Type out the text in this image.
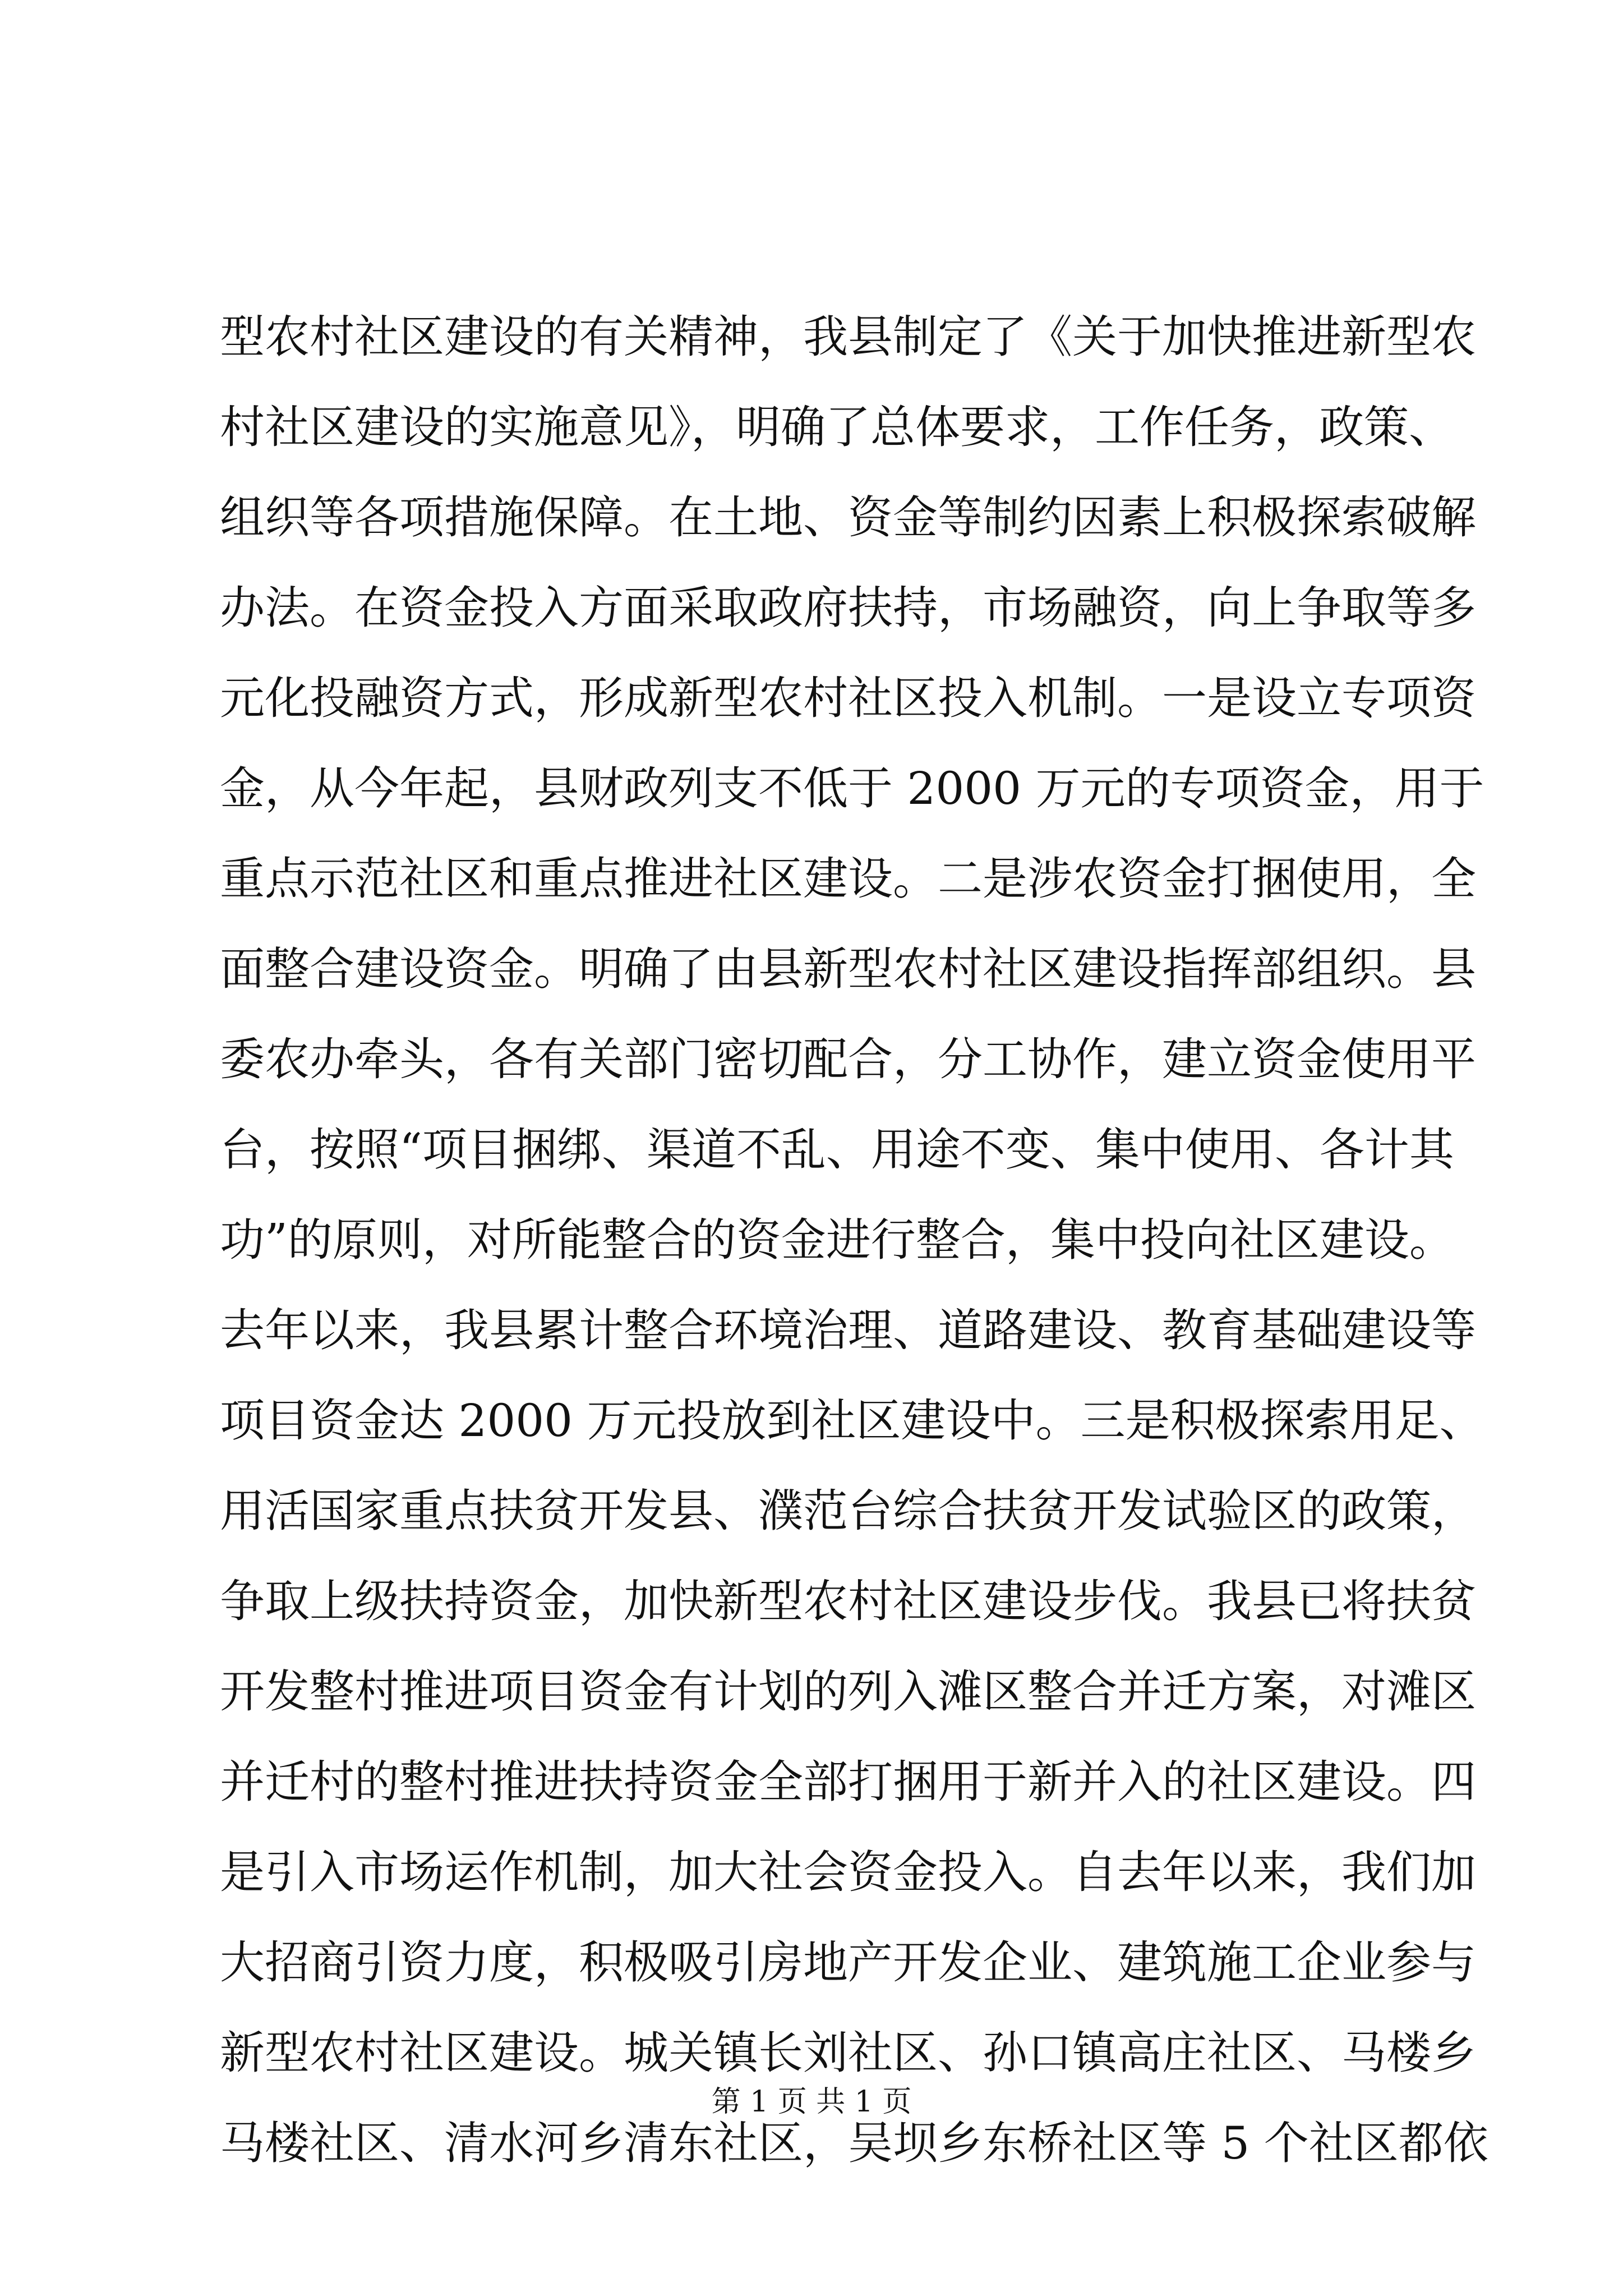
型农村社区建设的有关精神，我县制定了《关于加快推进新型农
村社区建设的实施意见》，明确了总体要求，工作任务，政策、
组织等各项措施保障。在土地、资金等制约因素上积极探索破解
办法。在资金投入方面采取政府扶持，市场融资，向上争取等多
元化投融资方式，形成新型农村社区投入机制。一是设立专项资
金，从今年起，县财政列支不低于 2000 万元的专项资金，用于
重点示范社区和重点推进社区建设。二是涉农资金打捆使用，全
面整合建设资金。明确了由县新型农村社区建设指挥部组织。县
委农办牵头，各有关部门密切配合，分工协作，建立资金使用平
台，按照“项目捆绑、渠道不乱、用途不变、集中使用、各计其
功”的原则，对所能整合的资金进行整合，集中投向社区建设。
去年以来，我县累计整合环境治理、道路建设、教育基础建设等
项目资金达 2000 万元投放到社区建设中。三是积极探索用足、
用活国家重点扶贫开发县、濮范台综合扶贫开发试验区的政策，
争取上级扶持资金，加快新型农村社区建设步伐。我县已将扶贫
开发整村推进项目资金有计划的列入滩区整合并迁方案，对滩区
并迁村的整村推进扶持资金全部打捆用于新并入的社区建设。四
是引入市场运作机制，加大社会资金投入。自去年以来，我们加
大招商引资力度，积极吸引房地产开发企业、建筑施工企业参与
新型农村社区建设。城关镇长刘社区、孙口镇高庄社区、马楼乡
马楼社区、清水河乡清东社区，吴坝乡东桥社区等 5 个社区都依
第 1 页 共 1 页
